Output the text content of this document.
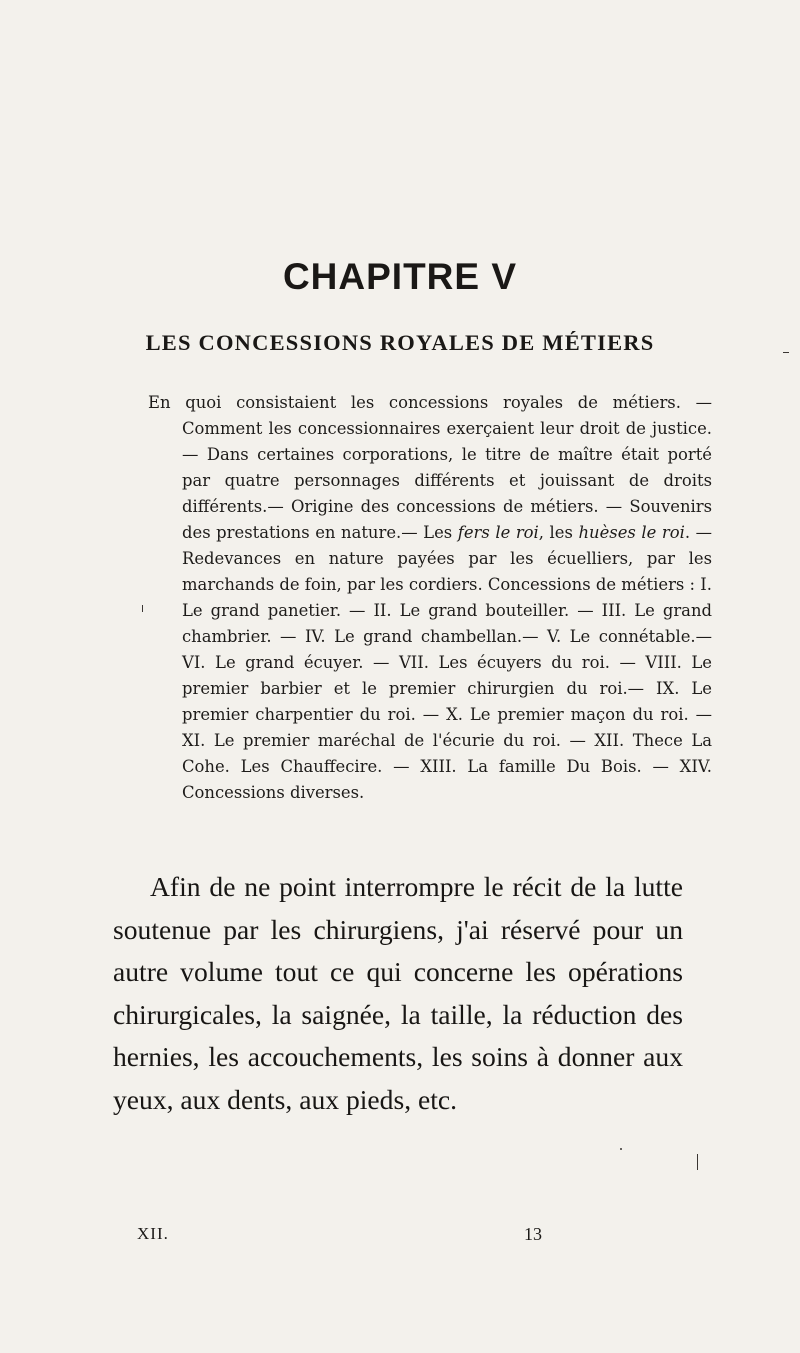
CHAPITRE V
LES CONCESSIONS ROYALES DE MÉTIERS

En quoi consistaient les concessions royales de métiers. — Comment les concessionnaires exerçaient leur droit de justice. — Dans certaines corporations, le titre de maître était porté par quatre personnages différents et jouissant de droits différents.— Origine des concessions de métiers. — Souvenirs des prestations en nature.— Les fers le roi, les huèses le roi. — Redevances en nature payées par les écuelliers, par les marchands de foin, par les cordiers. Concessions de métiers : I. Le grand panetier. — II. Le grand bouteiller. — III. Le grand chambrier. — IV. Le grand chambellan.— V. Le connétable.— VI. Le grand écuyer. — VII. Les écuyers du roi. — VIII. Le premier barbier et le premier chirurgien du roi.— IX. Le premier charpentier du roi. — X. Le premier maçon du roi. — XI. Le premier maréchal de l'écurie du roi. — XII. Thece La Cohe. Les Chauffecire. — XIII. La famille Du Bois. — XIV. Concessions diverses.

Afin de ne point interrompre le récit de la lutte soutenue par les chirurgiens, j'ai réservé pour un autre volume tout ce qui concerne les opérations chirurgicales, la saignée, la taille, la réduction des hernies, les accouchements, les soins à donner aux yeux, aux dents, aux pieds, etc.

XII.	13
